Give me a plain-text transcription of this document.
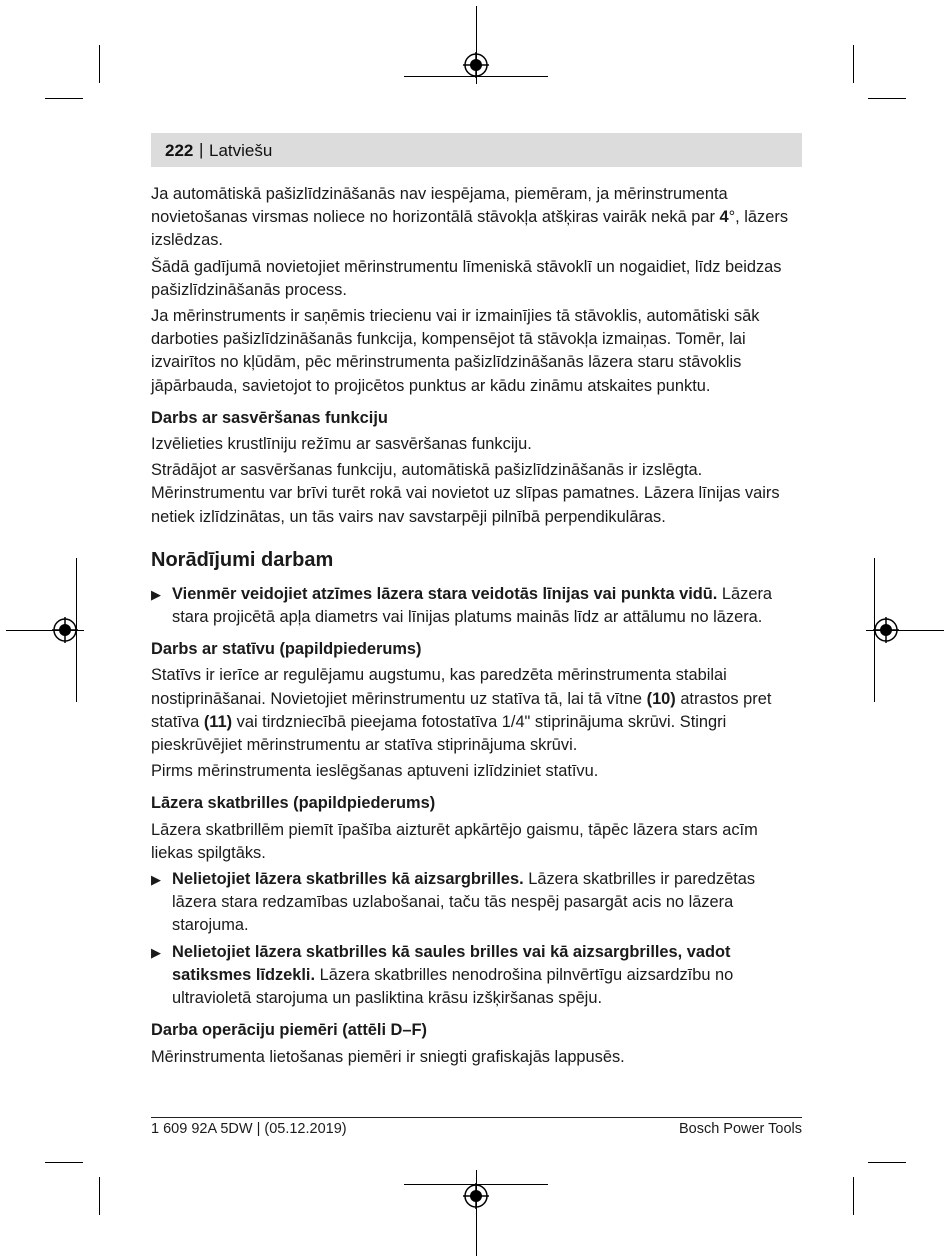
222 | Latviešu

Ja automātiskā pašizlīdzināšanās nav iespējama, piemēram, ja mērinstrumenta novietošanas virsmas noliece no horizontālā stāvokļa atšķiras vairāk nekā par 4°, lāzers izslēdzas.

Šādā gadījumā novietojiet mērinstrumentu līmeniskā stāvoklī un nogaidiet, līdz beidzas pašizlīdzināšanās process.

Ja mērinstruments ir saņēmis triecienu vai ir izmainījies tā stāvoklis, automātiski sāk darboties pašizlīdzināšanās funkcija, kompensējot tā stāvokļa izmaiņas. Tomēr, lai izvairītos no kļūdām, pēc mērinstrumenta pašizlīdzināšanās lāzera staru stāvoklis jāpārbauda, savietojot to projicētos punktus ar kādu zināmu atskaites punktu.

Darbs ar sasvēršanas funkciju

Izvēlieties krustlīniju režīmu ar sasvēršanas funkciju.

Strādājot ar sasvēršanas funkciju, automātiskā pašizlīdzināšanās ir izslēgta. Mērinstrumentu var brīvi turēt rokā vai novietot uz slīpas pamatnes. Lāzera līnijas vairs netiek izlīdzinātas, un tās vairs nav savstarpēji pilnībā perpendikulāras.

Norādījumi darbam
▶ Vienmēr veidojiet atzīmes lāzera stara veidotās līnijas vai punkta vidū. Lāzera stara projicētā apļa diametrs vai līnijas platums mainās līdz ar attālumu no lāzera.

Darbs ar statīvu (papildpiederums)

Statīvs ir ierīce ar regulējamu augstumu, kas paredzēta mērinstrumenta stabilai nostiprināšanai. Novietojiet mērinstrumentu uz statīva tā, lai tā vītne (10) atrastos pret statīva (11) vai tirdzniecībā pieejama fotostatīva 1/4" stiprinājuma skrūvi. Stingri pieskrūvējiet mērinstrumentu ar statīva stiprinājuma skrūvi.

Pirms mērinstrumenta ieslēgšanas aptuveni izlīdziniet statīvu.

Lāzera skatbrilles (papildpiederums)

Lāzera skatbrillēm piemīt īpašība aizturēt apkārtējo gaismu, tāpēc lāzera stars acīm liekas spilgtāks.

▶ Nelietojiet lāzera skatbrilles kā aizsargbrilles. Lāzera skatbrilles ir paredzētas lāzera stara redzamības uzlabošanai, taču tās nespēj pasargāt acis no lāzera starojuma.
▶ Nelietojiet lāzera skatbrilles kā saules brilles vai kā aizsargbrilles, vadot satiksmes līdzekli. Lāzera skatbrilles nenodrošina pilnvērtīgu aizsardzību no ultravioletā starojuma un pasliktina krāsu izšķiršanas spēju.

Darba operāciju piemēri (attēli D–F)

Mērinstrumenta lietošanas piemēri ir sniegti grafiskajās lappusēs.

1 609 92A 5DW | (05.12.2019)	Bosch Power Tools
